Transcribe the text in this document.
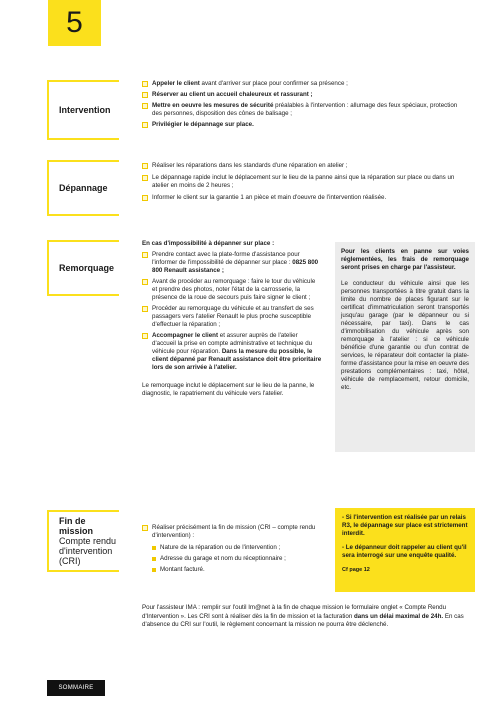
5
Intervention
Appeler le client avant d'arriver sur place pour confirmer sa présence ;
Réserver au client un accueil chaleureux et rassurant ;
Mettre en oeuvre les mesures de sécurité préalables à l'intervention : allumage des feux spéciaux, protection des personnes, disposition des cônes de balisage ;
Privilégier le dépannage sur place.
Dépannage
Réaliser les réparations dans les standards d'une réparation en atelier ;
Le dépannage rapide inclut le déplacement sur le lieu de la panne ainsi que la réparation sur place ou dans un atelier en moins de 2 heures ;
Informer le client sur la garantie 1 an pièce et main d'oeuvre de l'intervention réalisée.
Remorquage
En cas d'impossibilité à dépanner sur place :
Prendre contact avec la plate-forme d'assistance pour l'informer de l'impossibilité de dépanner sur place : 0825 800 800 Renault assistance ;
Avant de procéder au remorquage : faire le tour du véhicule et prendre des photos, noter l'état de la carrosserie, la présence de la roue de secours puis faire signer le client ;
Procéder au remorquage du véhicule et au transfert de ses passagers vers l'atelier Renault le plus proche susceptible d'effectuer la réparation ;
Accompagner le client et assurer auprès de l'atelier d'accueil la prise en compte administrative et technique du véhicule pour réparation. Dans la mesure du possible, le client dépanné par Renault assistance doit être prioritaire lors de son arrivée à l'atelier.
Le remorquage inclut le déplacement sur le lieu de la panne, le diagnostic, le rapatriement du véhicule vers l'atelier.
Pour les clients en panne sur voies réglementées, les frais de remorquage seront prises en charge par l'assisteur.
Le conducteur du véhicule ainsi que les personnes transportées à titre gratuit dans la limite du nombre de places figurant sur le certificat d'immatriculation seront transportés jusqu'au garage (par le dépanneur ou si nécessaire, par taxi). Dans le cas d'immobilisation du véhicule après son remorquage à l'atelier : si ce véhicule bénéficie d'une garantie ou d'un contrat de services, le réparateur doit contacter la plate-forme d'assistance pour la mise en oeuvre des prestations complémentaires : taxi, hôtel, véhicule de remplacement, retour domicile, etc.
Fin de mission
Compte rendu
d'intervention
(CRI)
Réaliser précisément la fin de mission (CRI – compte rendu d'intervention) :
Nature de la réparation ou de l'intervention ;
Adresse du garage et nom du réceptionnaire ;
Montant facturé.
- Si l'intervention est réalisée par un relais R3, le dépannage sur place est strictement interdit.
- Le dépanneur doit rappeler au client qu'il sera interrogé sur une enquête qualité.
Cf page 12
Pour l'assisteur IMA : remplir sur l'outil Im@net à la fin de chaque mission le formulaire onglet « Compte Rendu d'Intervention ». Les CRI sont à réaliser dès la fin de mission et la facturation dans un délai maximal de 24h. En cas d'absence du CRI sur l'outil, le règlement concernant la mission ne pourra être déclenché.
SOMMAIRE
